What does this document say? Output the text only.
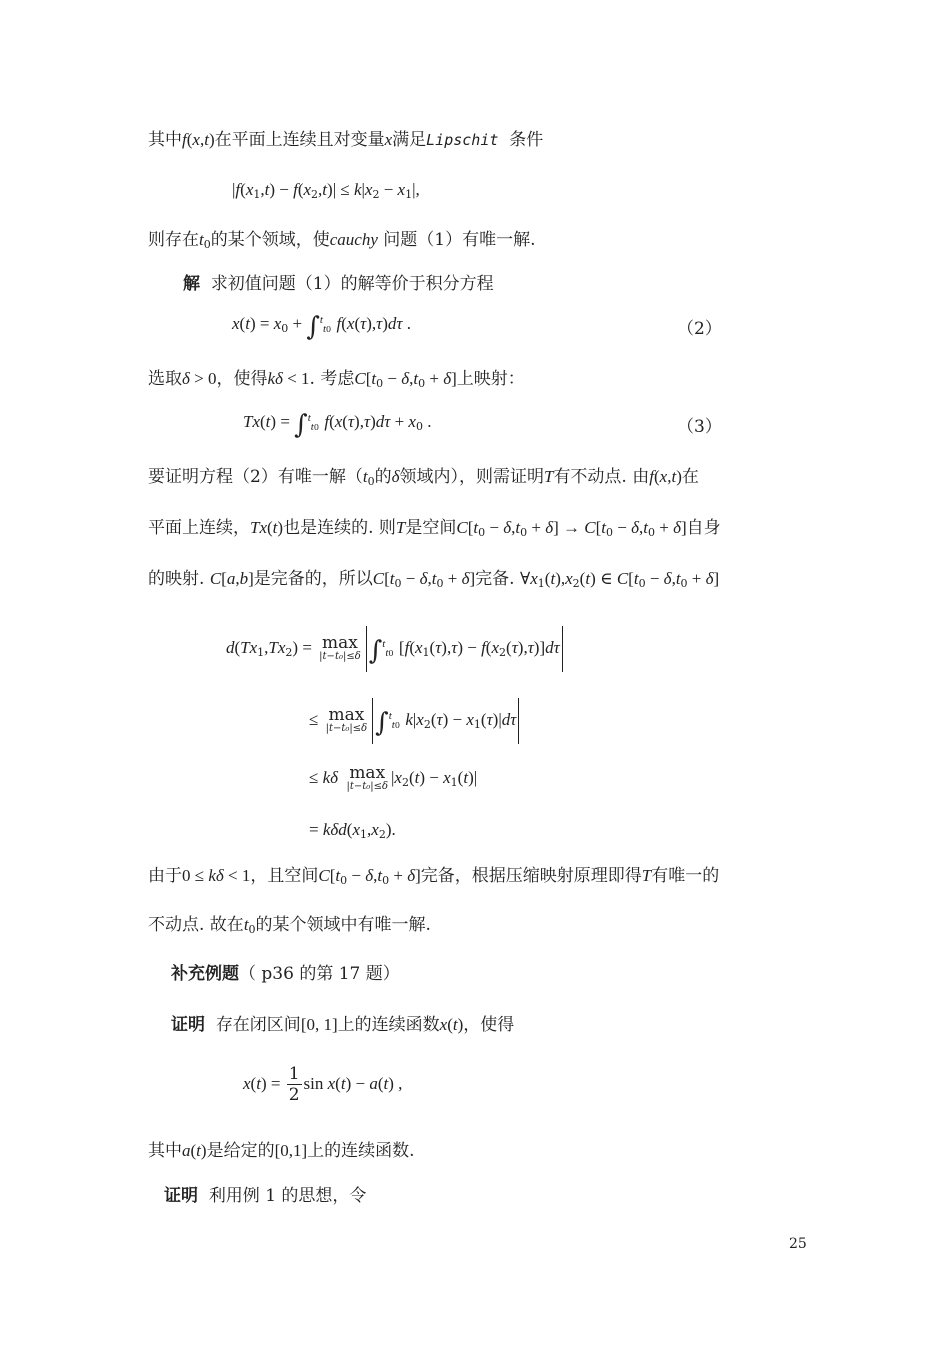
其中f(x,t)在平面上连续且对变量x满足Lipschit 条件
$|f(x_1,t) - f(x_2,t)| \le k|x_2 - x_1|$,
则存在$t_0$的某个领域，使cauchy 问题（1）有唯一解.
解 求初值问题（1）的解等价于积分方程
$x(t) = x_0 + \int^t_{t0}$ f(x(τ),τ)dτ .	（2）
选取δ > 0，使得kδ < 1. 考虑$C[t_0 - \delta,t_0 + \delta]$上映射：
Tx(t) = ∫$^t_{t0}$ $f(x(\tau),\tau)d\tau + x_0$ .	（3）
要证明方程（2）有唯一解（$t_0$的δ领域内），则需证明T有不动点. 由f(x,t)在
平面上连续，Tx(t)也是连续的. 则T是空间$C[t_0 - \delta,t_0 + \delta] \to C[t_0 - \delta,t_0 + \delta]$自身
的映射. C[a,b]是完备的，所以$C[t_0 - \delta,t_0 + \delta]$完备. $\forall x_1(t),x_2(t)$ ∈ $C[t_0 - \delta,t_0 + \delta]$
$d(Tx_1,Tx_2) = \max$
|t−t₀|≤δ ∫$^t_{t0}$ $[f(x_1(\tau),\tau) - f(x_2(\tau),\tau)]d\tau$
≤ max
|t−t₀|≤δ ∫$^t_{t0}$ $k|x_2(\tau) - x_1(\tau)|d\tau$
≤ kδ max
|t−t₀|≤δ $|x_2(t) - x_1(t)|$
= $k\delta d(x_1,x_2)$.
由于0 ≤ kδ < 1，且空间$C[t_0 - \delta,t_0 + \delta]$完备，根据压缩映射原理即得T有唯一的
不动点. 故在$t_0$的某个领域中有唯一解.
补充例题（ p36 的第 17 题）
证明 存在闭区间[0, 1]上的连续函数x(t)，使得
$x(t) = \frac{1}{2}$ sin x(t) − a(t) ,
其中a(t)是给定的[0,1]上的连续函数.
证明 利用例 1 的思想，令
25
